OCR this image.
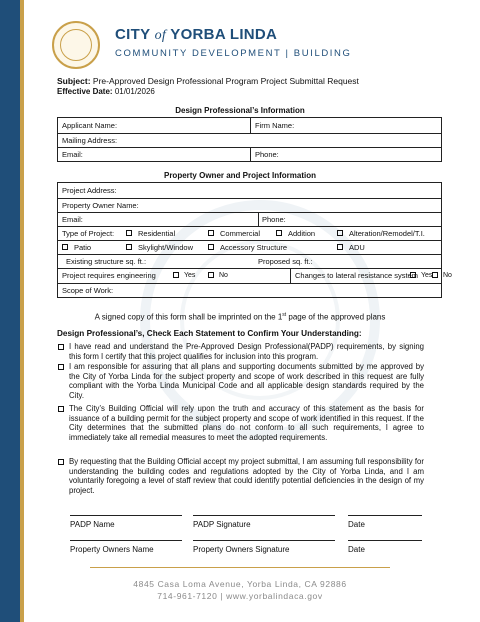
CITY of YORBA LINDA
COMMUNITY DEVELOPMENT | BUILDING
Subject: Pre-Approved Design Professional Program Project Submittal Request
Effective Date: 01/01/2026
Design Professional’s Information
Applicant Name:	Firm Name:
Mailing Address:
Email:	Phone:
Property Owner and Project Information
Project Address:
Property Owner Name:
Email:	Phone:
Type of Project:	Residential	Commercial	Addition	Alteration/Remodel/T.I.
Patio	Skylight/Window	Accessory Structure	ADU
Existing structure sq. ft.:	Proposed sq. ft.:
Project requires engineering	Yes	No	Changes to lateral resistance system Yes No
Scope of Work:
A signed copy of this form shall be imprinted on the 1st page of the approved plans
Design Professional’s, Check Each Statement to Confirm Your Understanding:
I have read and understand the Pre-Approved Design Professional(PADP) requirements, by signing this form I certify that this project qualifies for inclusion into this program.
I am responsible for assuring that all plans and supporting documents submitted by me approved by the City of Yorba Linda for the subject property and scope of work described in this request are fully compliant with the Yorba Linda Municipal Code and all applicable design standards required by the City.
The City’s Building Official will rely upon the truth and accuracy of this statement as the basis for issuance of a building permit for the subject property and scope of work identified in this request. If the City determines that the submitted plans do not conform to all such requirements, I agree to immediately take all remedial measures to meet the adopted requirements.
By requesting that the Building Official accept my project submittal, I am assuming full responsibility for understanding the building codes and regulations adopted by the City of Yorba Linda, and I am voluntarily foregoing a level of staff review that could identify potential deficiencies in the design of my project.
PADP Name	PADP Signature	Date
Property Owners Name	Property Owners Signature	Date
4845 Casa Loma Avenue, Yorba Linda, CA 92886
714-961-7120 | www.yorbalindaca.gov
